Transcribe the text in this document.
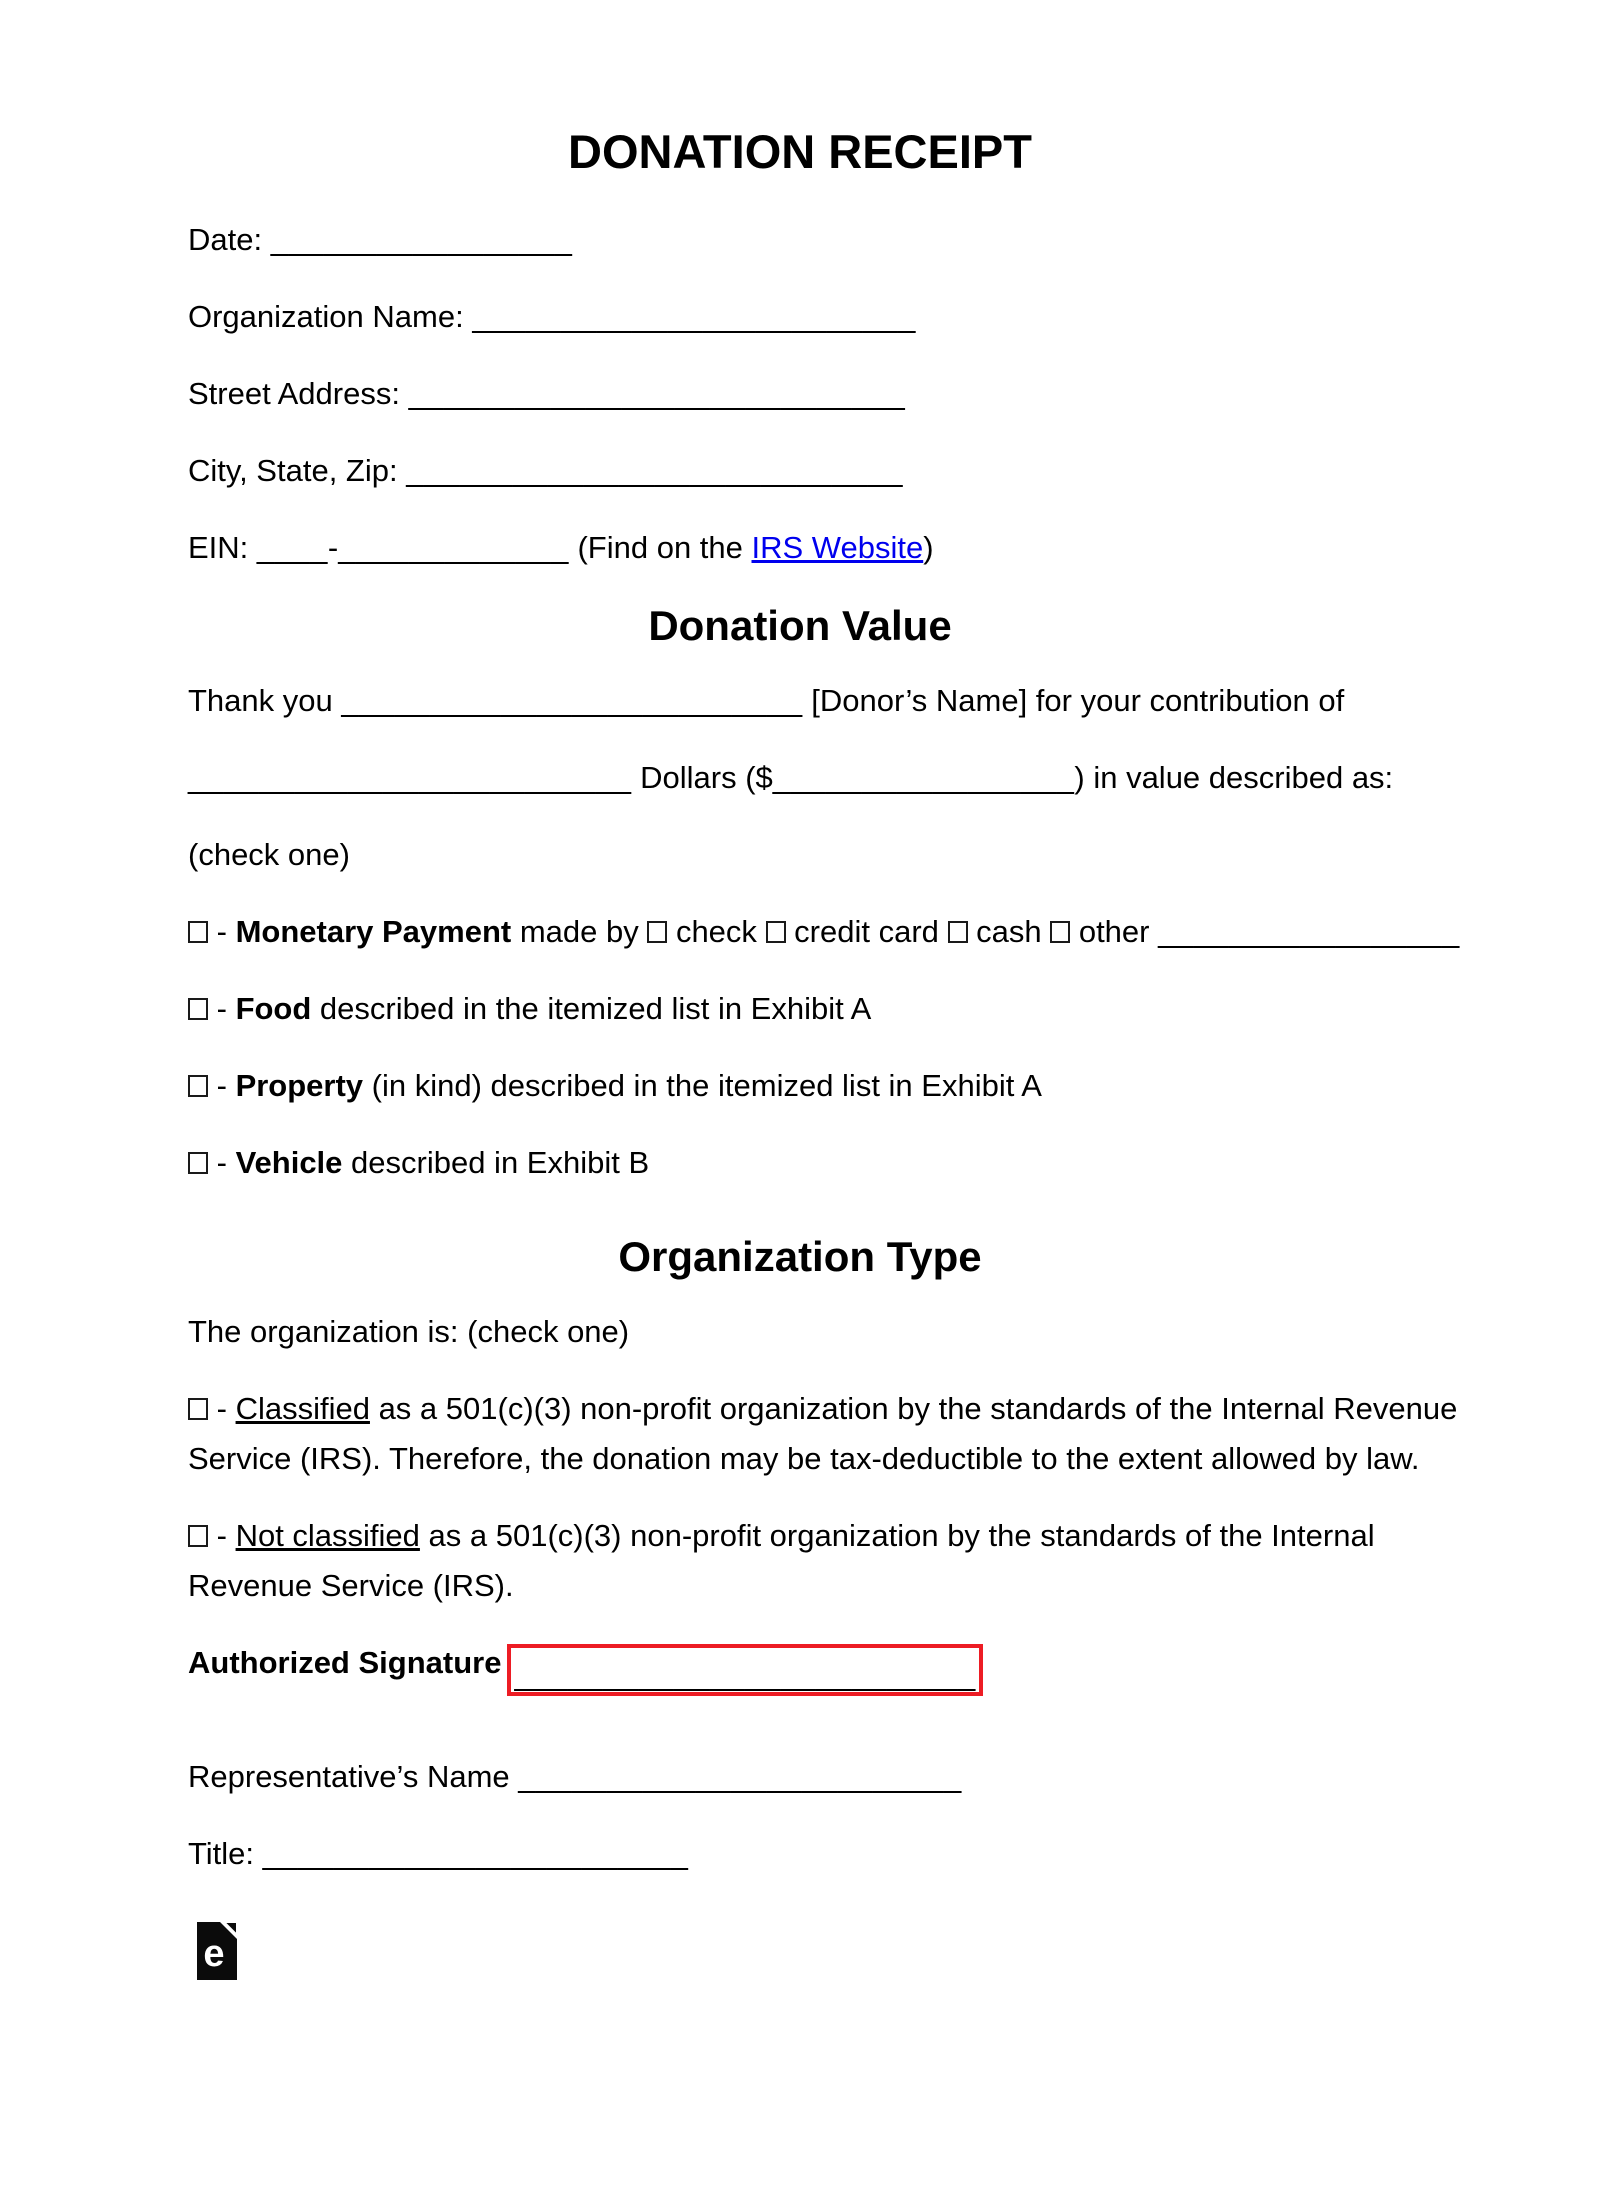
DONATION RECEIPT

Date: _________________

Organization Name: _________________________

Street Address: ____________________________

City, State, Zip: ____________________________

EIN: ____-_____________ (Find on the IRS Website)

Donation Value

Thank you __________________________ [Donor’s Name] for your contribution of

_________________________ Dollars ($_________________) in value described as:

(check one)

- Monetary Payment made by  check  credit card  cash  other _________________

- Food described in the itemized list in Exhibit A

- Property (in kind) described in the itemized list in Exhibit A

- Vehicle described in Exhibit B

Organization Type

The organization is: (check one)

- Classified as a 501(c)(3) non-profit organization by the standards of the Internal Revenue
Service (IRS). Therefore, the donation may be tax-deductible to the extent allowed by law.

- Not classified as a 501(c)(3) non-profit organization by the standards of the Internal
Revenue Service (IRS).

Authorized Signature __________________________

Representative’s Name _________________________

Title: ________________________

e
